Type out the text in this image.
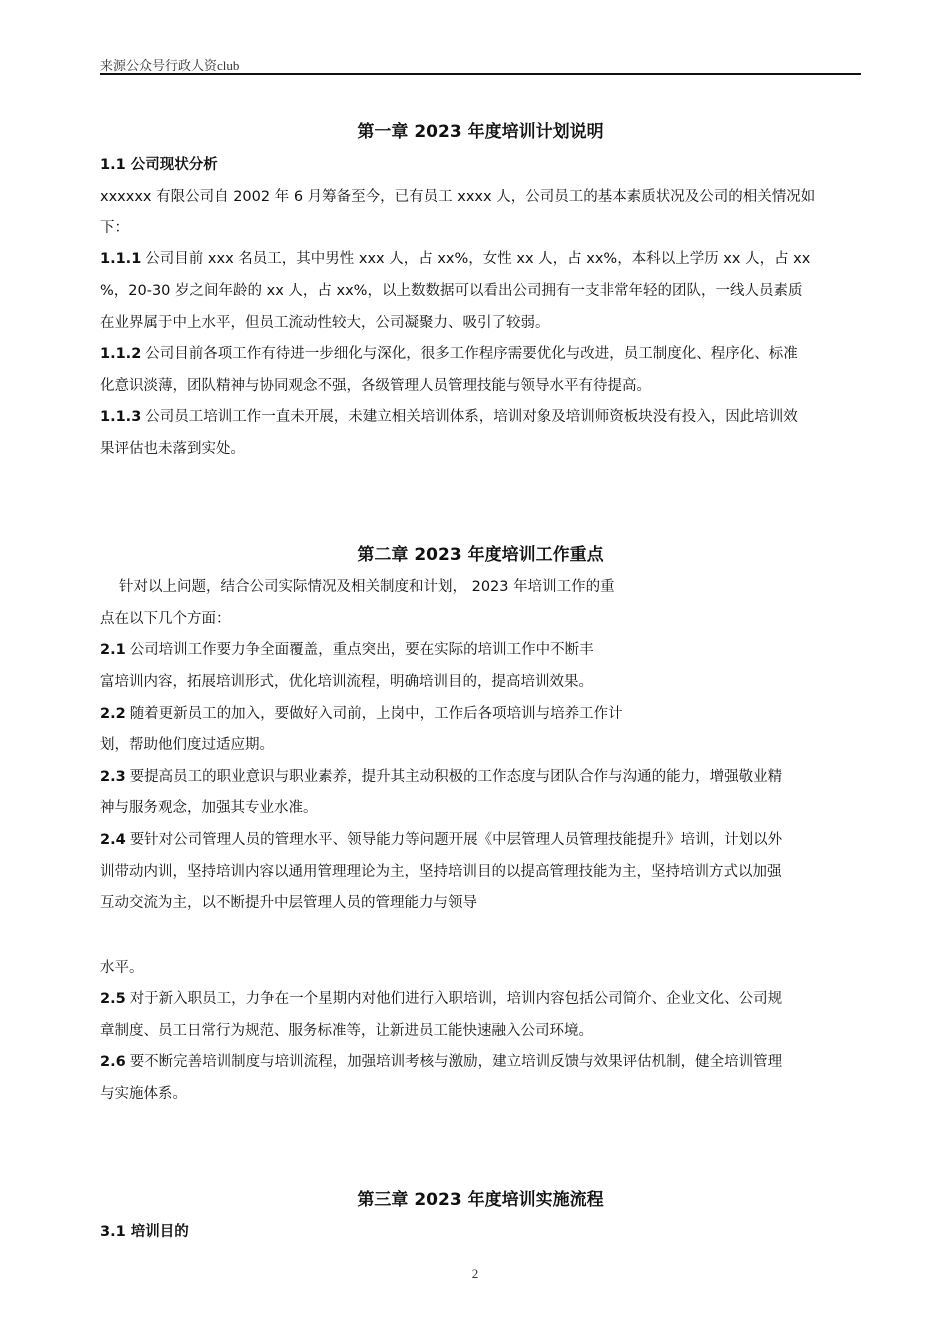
来源公众号行政人资club
第一章 2023 年度培训计划说明
1.1 公司现状分析
xxxxxx 有限公司自 2002 年 6 月筹备至今，已有员工 xxxx 人，公司员工的基本素质状况及公司的相关情况如
下：
1.1.1 公司目前 xxx 名员工，其中男性 xxx 人，占 xx%，女性 xx 人，占 xx%，本科以上学历 xx 人，占 xx
%，20-30 岁之间年龄的 xx 人，占 xx%，以上数数据可以看出公司拥有一支非常年轻的团队，一线人员素质
在业界属于中上水平，但员工流动性较大，公司凝聚力、吸引了较弱。
1.1.2 公司目前各项工作有待进一步细化与深化，很多工作程序需要优化与改进，员工制度化、程序化、标准
化意识淡薄，团队精神与协同观念不强，各级管理人员管理技能与领导水平有待提高。
1.1.3 公司员工培训工作一直未开展，未建立相关培训体系，培训对象及培训师资板块没有投入，因此培训效
果评估也未落到实处。
第二章 2023 年度培训工作重点
针对以上问题，结合公司实际情况及相关制度和计划， 2023 年培训工作的重
点在以下几个方面：
2.1 公司培训工作要力争全面覆盖，重点突出，要在实际的培训工作中不断丰
富培训内容，拓展培训形式，优化培训流程，明确培训目的，提高培训效果。
2.2 随着更新员工的加入，要做好入司前，上岗中，工作后各项培训与培养工作计
划，帮助他们度过适应期。
2.3 要提高员工的职业意识与职业素养，提升其主动积极的工作态度与团队合作与沟通的能力，增强敬业精
神与服务观念，加强其专业水准。
2.4 要针对公司管理人员的管理水平、领导能力等问题开展《中层管理人员管理技能提升》培训，计划以外
训带动内训，坚持培训内容以通用管理理论为主，坚持培训目的以提高管理技能为主，坚持培训方式以加强
互动交流为主，以不断提升中层管理人员的管理能力与领导
水平。
2.5 对于新入职员工，力争在一个星期内对他们进行入职培训，培训内容包括公司简介、企业文化、公司规
章制度、员工日常行为规范、服务标准等，让新进员工能快速融入公司环境。
2.6 要不断完善培训制度与培训流程，加强培训考核与激励，建立培训反馈与效果评估机制，健全培训管理
与实施体系。
第三章 2023 年度培训实施流程
3.1 培训目的
2
